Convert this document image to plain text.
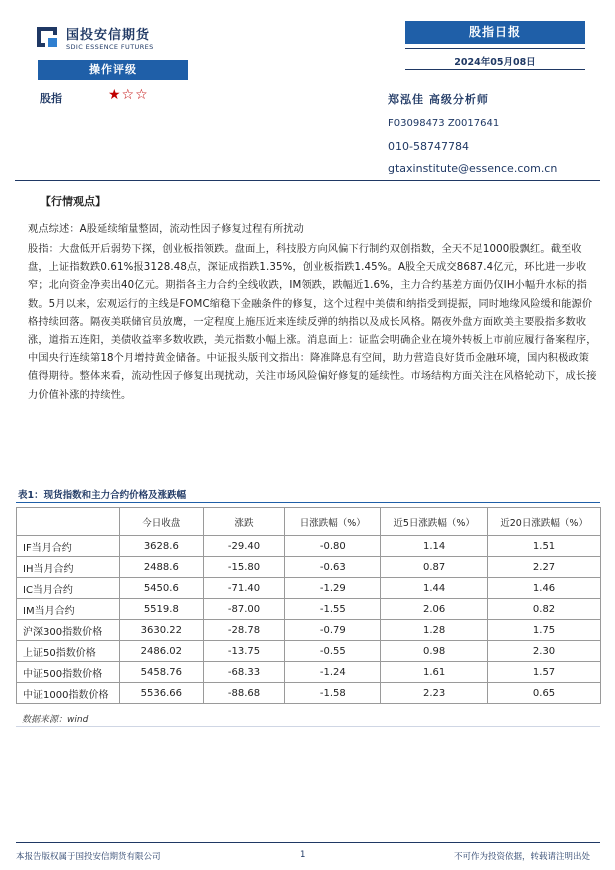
国投安信期货
SDIC ESSENCE FUTURES
股指日报
2024年05月08日
操作评级
股指	★☆☆	郑泓佳 高级分析师
F03098473 Z0017641
010-58747784
gtaxinstitute@essence.com.cn
【行情观点】

观点综述：A股延续缩量整固，流动性因子修复过程有所扰动

股指：大盘低开后弱势下探，创业板指领跌。盘面上，科技股方向风偏下行制约双创指数，全天不足1000股飘红。截至收盘，上证指数跌0.61%报3128.48点，深证成指跌1.35%，创业板指跌1.45%。A股全天成交8687.4亿元，环比进一步收窄；北向资金净卖出40亿元。期指各主力合约全线收跌，IM领跌，跌幅近1.6%，主力合约基差方面仍仅IH小幅升水标的指数。5月以来，宏观运行的主线是FOMC缩稳下金融条件的修复，这个过程中美债和纳指受到提振，同时地缘风险缓和能源价格持续回落。隔夜美联储官员放鹰，一定程度上施压近来连续反弹的纳指以及成长风格。隔夜外盘方面欧美主要股指多数收涨，道指五连阳，美债收益率多数收跌，美元指数小幅上涨。消息面上：证监会明确企业在境外转板上市前应履行备案程序，中国央行连续第18个月增持黄金储备。中证报头版刊文指出：降准降息有空间，助力营造良好货币金融环境，国内积极政策值得期待。整体来看，流动性因子修复出现扰动，关注市场风险偏好修复的延续性。市场结构方面关注在风格轮动下，成长接力价值补涨的持续性。

表1：现货指数和主力合约价格及涨跌幅
	今日收盘	涨跌	日涨跌幅（%）	近5日涨跌幅（%）	近20日涨跌幅（%）
IF当月合约	3628.6	-29.40	-0.80	1.14	1.51
IH当月合约	2488.6	-15.80	-0.63	0.87	2.27
IC当月合约	5450.6	-71.40	-1.29	1.44	1.46
IM当月合约	5519.8	-87.00	-1.55	2.06	0.82
沪深300指数价格	3630.22	-28.78	-0.79	1.28	1.75
上证50指数价格	2486.02	-13.75	-0.55	0.98	2.30
中证500指数价格	5458.76	-68.33	-1.24	1.61	1.57
中证1000指数价格	5536.66	-88.68	-1.58	2.23	0.65
数据来源：wind
本报告版权属于国投安信期货有限公司	1	不可作为投资依据，转载请注明出处
